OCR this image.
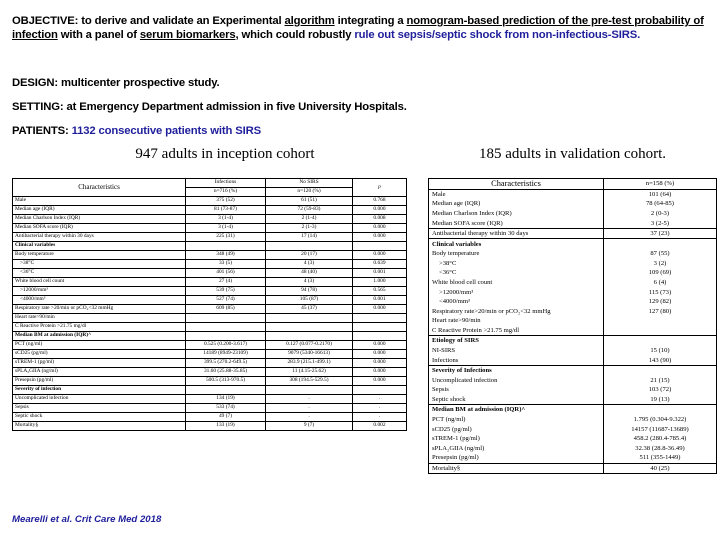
OBJECTIVE: to derive and validate an Experimental algorithm integrating a nomogram-based prediction of the pre-test probability of infection with a panel of serum biomarkers, which could robustly rule out sepsis/septic shock from non-infectious-SIRS.
DESIGN: multicenter prospective study.
SETTING: at Emergency Department admission in five University Hospitals.
PATIENTS: 1132 consecutive patients with SIRS
947 adults in inception cohort	185 adults in validation cohort.
Characteristics	Infections	No SIRS	p
	n=716 (%)	n=120 (%)	
Male	375 (52)	61 (51)	0.768
Median age (IQR)	81 (73-87)	72 (59-83)	0.000
Median Charlson Index (IQR)	3 (1-4)	2 (1-4)	0.008
Median SOFA score (IQR)	3 (1-4)	2 (1-3)	0.000
Antibacterial therapy within 30 days	225 (31)	17 (14)	0.000
Clinical variables			
Body temperature	348 (49)	20 (17)	0.000
>38°C	33 (5)	4 (3)	0.639
<36°C	401 (56)	48 (40)	0.001
White blood cell count	27 (4)	4 (3)	1.000
>12000/mm³	539 (75)	94 (78)	0.565
<4000/mm³	527 (74)	105 (87)	0.001
Respiratory rate >20/min or pCO₂<32 mmHg	609 (85)	45 (37)	0.000
Heart rate>90/min			
C Reactive Protein >21.75 mg/dl			
Median BM at admission (IQR)^			
PCT (ng/ml)	0.525 (0.200-3.617)	0.127 (0.077-0.2170)	0.000
sCD25 (pg/ml)	14189 (8949-23109)	9079 (5340-16613)	0.000
sTREM-1 (pg/ml)	399.5 (270.2-649.5)	283.9 (215.1-499.1)	0.000
sPLA₂GIIA (ng/ml)	31.60 (25.88-35.85)	11 (4.15-25.62)	0.000
Presepsin (pg/ml)	500.5 (313-970.5)	308 (194.5-529.5)	0.000
Severity of infection			
Uncomplicated infection	134 (19)	.	.
Sepsis	533 (74)	.	.
Septic shock	49 (7)	.	.
Mortality§	133 (19)	9 (7)	0.002
Characteristics	n=158 (%)
Male	101 (64)
Median age (IQR)	78 (64-85)
Median Charlson Index (IQR)	2 (0-3)
Median SOFA score (IQR)	3 (2-5)
Antibacterial therapy within 30 days	37 (23)
Clinical variables	
Body temperature	87 (55)
>38°C	3 (2)
<36°C	109 (69)
White blood cell count	6 (4)
>12000/mm³	115 (73)
<4000/mm³	129 (82)
Respiratory rate>20/min or pCO₂<32 mmHg	127 (80)
Heart rate>90/min	
C Reactive Protein >21.75 mg/dl	
Etiology of SIRS	
NI-SIRS	15 (10)
Infections	143 (90)
Severity of Infections	
Uncomplicated infection	21 (15)
Sepsis	103 (72)
Septic shock	19 (13)
Median BM at admission (IQR)^	
PCT (ng/ml)	1.795 (0.304-9.322)
sCD25 (pg/ml)	14157 (11687-13689)
sTREM-1 (pg/ml)	458.2 (280.4-785.4)
sPLA₂GIIA (ng/ml)	32.38 (28.8-36.49)
Presepsin (pg/ml)	511 (355-1449)
Mortality§	40 (25)
Mearelli et al. Crit Care Med 2018
